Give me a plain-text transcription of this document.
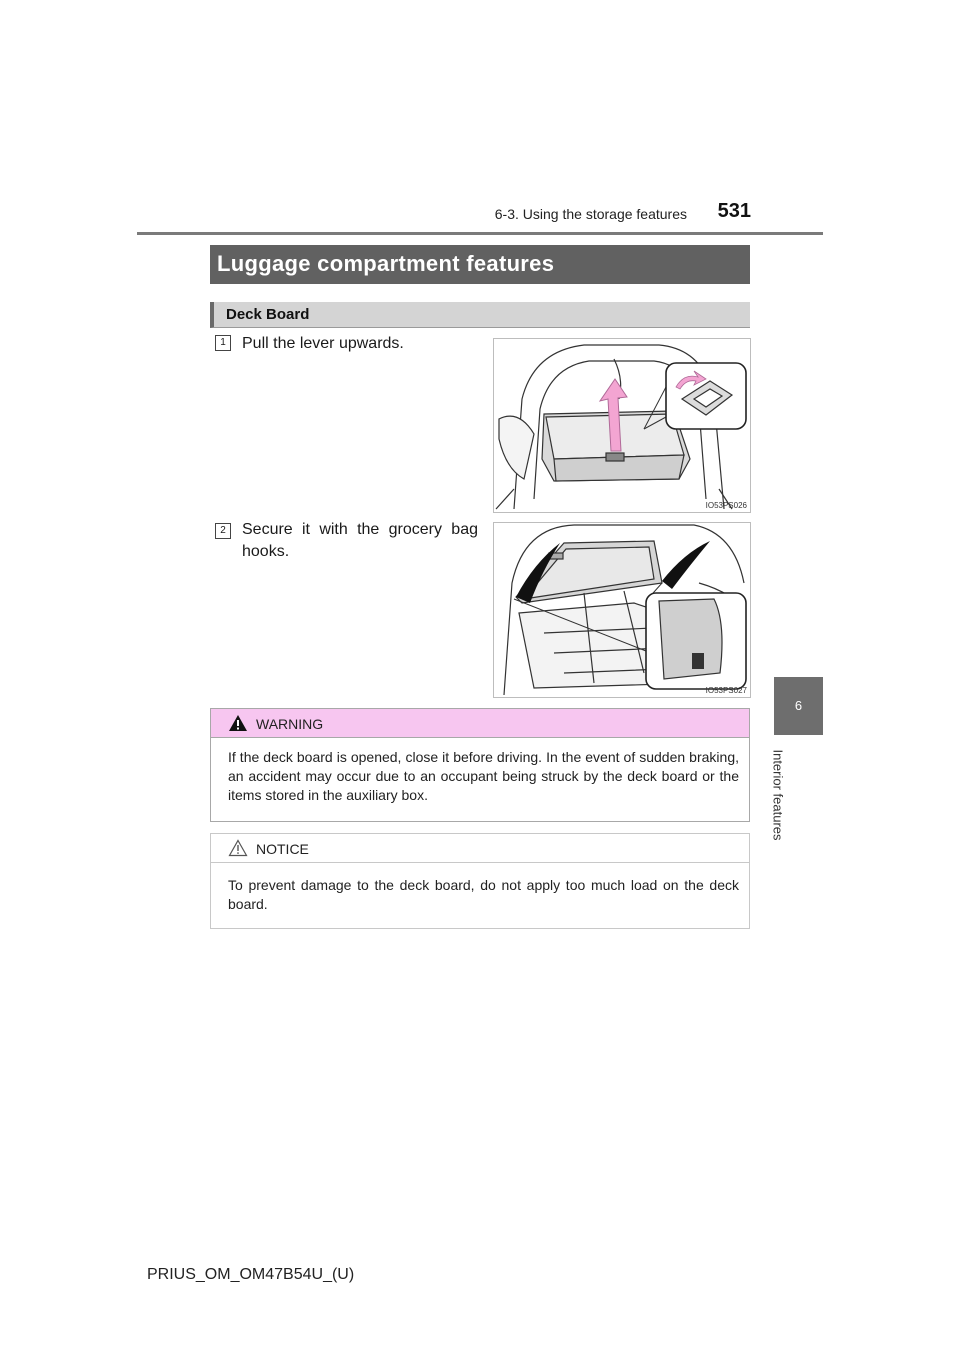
6-3. Using the storage features	531
6
Interior features
Luggage compartment features
Deck Board
1	Pull the lever upwards.
IO53PS026
2	Secure it with the grocery bag hooks.
IO53PS027
WARNING
If the deck board is opened, close it before driving. In the event of sudden braking, an accident may occur due to an occupant being struck by the deck board or the items stored in the auxiliary box.
NOTICE
To prevent damage to the deck board, do not apply too much load on the deck board.
PRIUS_OM_OM47B54U_(U)
